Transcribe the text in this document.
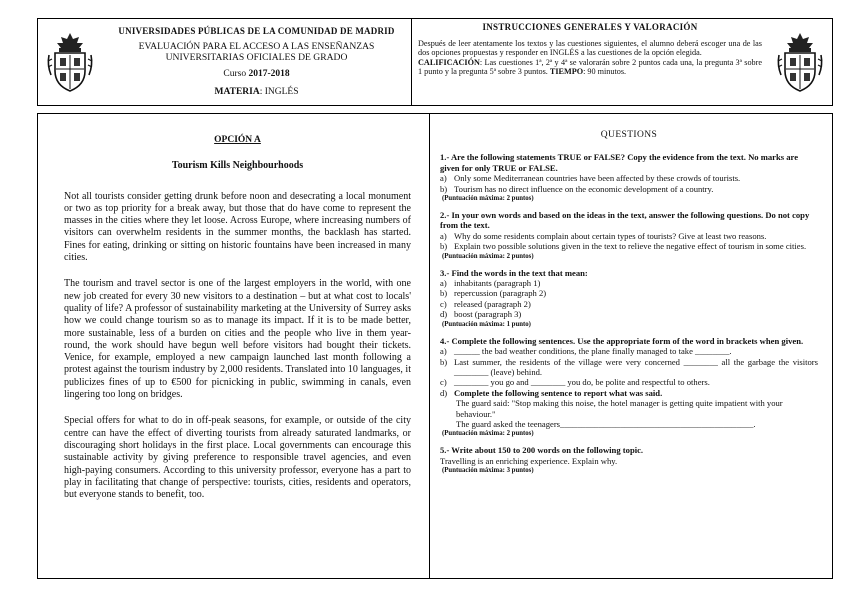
UNIVERSIDADES PÚBLICAS DE LA COMUNIDAD DE MADRID
EVALUACIÓN PARA EL ACCESO A LAS ENSEÑANZAS
UNIVERSITARIAS OFICIALES DE GRADO
Curso 2017-2018
MATERIA: INGLÉS
INSTRUCCIONES GENERALES Y VALORACIÓN
Después de leer atentamente los textos y las cuestiones siguientes, el alumno deberá escoger una de las dos opciones propuestas y responder en INGLÉS a las cuestiones de la opción elegida.
CALIFICACIÓN: Las cuestiones 1ª, 2ª y 4ª se valorarán sobre 2 puntos cada una, la pregunta 3ª sobre 1 punto y la pregunta 5ª sobre 3 puntos. TIEMPO: 90 minutos.
OPCIÓN A
Tourism Kills Neighbourhoods

Not all tourists consider getting drunk before noon and desecrating a local monument or two as top priority for a break away, but those that do have come to represent the masses in the cities where they let loose. Across Europe, where increasing numbers of visitors can overwhelm residents in the summer months, the backlash has started. Fines for eating, drinking or sitting on historic fountains have been increased in many cities.

The tourism and travel sector is one of the largest employers in the world, with one new job created for every 30 new visitors to a destination – but at what cost to locals' quality of life? A professor of sustainability marketing at the University of Surrey asks how we could change tourism so as to manage its impact. If it is to be made better, more sustainable, less of a burden on cities and the people who live in them year-round, the work should have begun well before visitors had bought their tickets. Venice, for example, employed a new campaign launched last month following a protest against the tourism industry by 2,000 residents. Translated into 10 languages, it publicizes fines of up to €500 for picnicking in public, swimming in canals, even lingering too long on bridges.

Special offers for what to do in off-peak seasons, for example, or outside of the city centre can have the effect of diverting tourists from already saturated landmarks, or discouraging short holidays in the first place. Local governments can encourage this sustainable activity by giving preference to responsible travel agencies, and even high-paying consumers. According to this university professor, everyone has a part to play in facilitating that change of perspective: tourists, cities, residents and operators, but everyone stands to benefit, too.

QUESTIONS
1.- Are the following statements TRUE or FALSE? Copy the evidence from the text. No marks are given for only TRUE or FALSE.
a) Only some Mediterranean countries have been affected by these crowds of tourists.
b) Tourism has no direct influence on the economic development of a country.
(Puntuación máxima: 2 puntos)
2.- In your own words and based on the ideas in the text, answer the following questions. Do not copy from the text.
a) Why do some residents complain about certain types of tourists? Give at least two reasons.
b) Explain two possible solutions given in the text to relieve the negative effect of tourism in some cities.
(Puntuación máxima: 2 puntos)
3.- Find the words in the text that mean:
a) inhabitants (paragraph 1)
b) repercussion (paragraph 2)
c) released (paragraph 2)
d) boost (paragraph 3)
(Puntuación máxima: 1 punto)
4.- Complete the following sentences. Use the appropriate form of the word in brackets when given.
a) ______ the bad weather conditions, the plane finally managed to take ________.
b) Last summer, the residents of the village were very concerned ________ all the garbage the visitors ________ (leave) behind.
c) ________ you go and ________ you do, be polite and respectful to others.
d) Complete the following sentence to report what was said.
The guard said: "Stop making this noise, the hotel manager is getting quite impatient with your behaviour."
The guard asked the teenagers_____________________________________________.
(Puntuación máxima: 2 puntos)
5.- Write about 150 to 200 words on the following topic.
Travelling is an enriching experience. Explain why.
(Puntuación máxima: 3 puntos)
